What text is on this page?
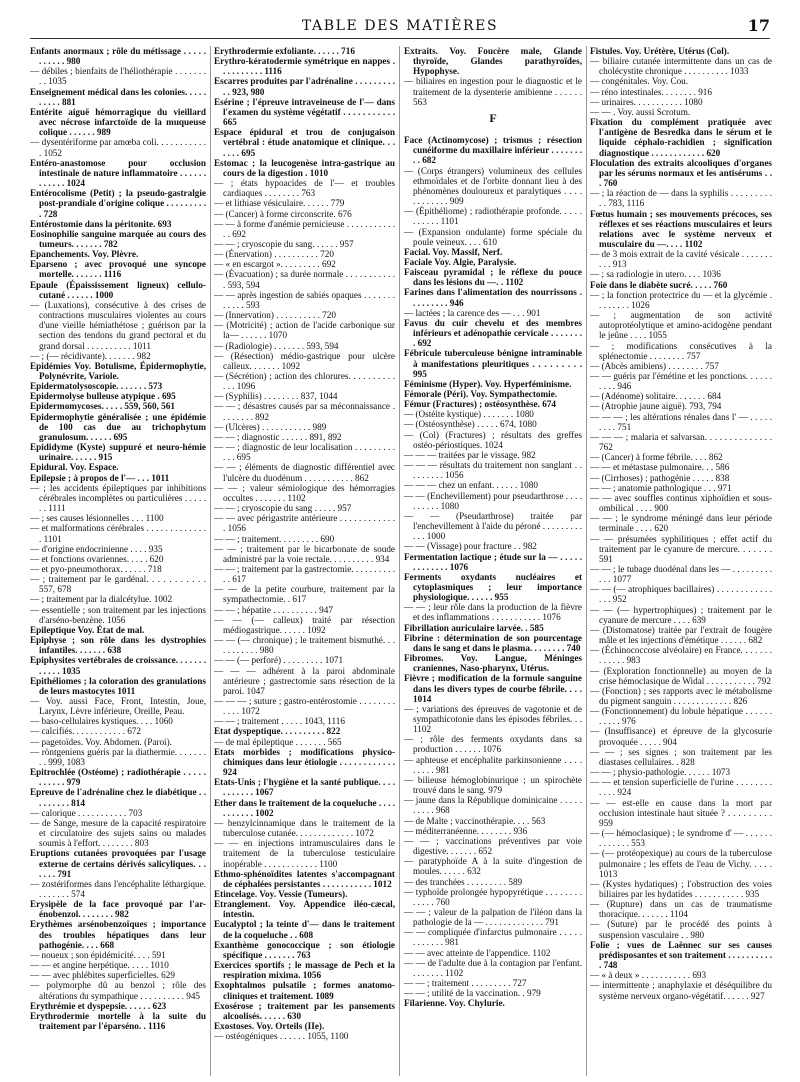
TABLE DES MATIÈRES	17

Enfants anormaux ; rôle du métissage . . . . . . . . . . . 980

— débiles ; bienfaits de l'héliothérapie . . . . . . . . . 1035

Enseignement médical dans les colonies. . . . . . . . . . 881

Entérite aiguë hémorragique du vieillard avec nécrose infarctoïde de la muqueuse colique . . . . . . 989

— dysentériforme par amœba coli. . . . . . . . . . . . 1052

Entéro-anastomose pour occlusion intestinale de nature inflammatoire . . . . . . . . . . . . 1024

Entérocolisme (Petit) ; la pseudo-gastralgie post-prandiale d'origine colique . . . . . . . . . . 728

Entérostomie dans la péritonite. 693

Eosinophilie sanguine marquée au cours des tumeurs. . . . . . . 782

Epanchements. Voy. Plèvre.

Eparseno ; avec provoqué une syncope mortelle. . . . . . . 1116

Epaule (Épaississement ligneux) cellulo-cutané . . . . . . 1000

— (Luxations), consécutive à des crises de contractions musculaires violentes au cours d'une vieille hémiathétose ; guérison par la section des tendons du grand pectoral et du grand dorsal . . . . . . . . . . 1011

— ; (— récidivante). . . . . . . 982

Epidémies Voy. Botulisme, Épidermophytie, Polynévrite, Variole.

Epidermatolysoscopie. . . . . . . 573

Epidermolyse bulleuse atypique . 695

Epidermomycoses. . . . . 559, 560, 561

Epidermophytie généralisée ; une épidémie de 100 cas due au trichophytum granulosum. . . . . . 695

Epididyme (Kyste) suppuré et neuro-hémie urinaire. . . . . . 915

Epidural. Voy. Espace.

Epilepsie ; à propos de l'— . . . 1011

— ; les accidents épileptiques par inhibitions cérébrales incomplètes ou particulières . . . . . . . 1111

— ; ses causes lésionnelles . . . 1100

— et malformations cérébrales . . . . . . . . . . . . . . 1101

— d'origine endocrinienne . . . . 935

— et fonctions ovariennes. . . . . 620

— et pyo-pneumothorax. . . . . . 718

— ; traitement par le gardénal. . . . . . . . . . . 557, 678

— ; traitement par la dialcétylue. 1002

— essentielle ; son traitement par les injections d'arséno-benzène. 1056

Epileptique Voy. État de mal.

Epiphyse ; son rôle dans les dystrophies infantiles. . . . . . . 638

Epiphysites vertébrales de croissance. . . . . . . . . . . . 1035

Epithéliomes ; la coloration des granulations de leurs mastocytes 1011

— Voy. aussi Face, Front, Intestin, Joue, Larynx, Lèvre inférieure, Oreille, Peau.

— baso-cellulaires kystiques. . . . 1060

— calcifiés. . . . . . . . . . . . 672

— pagetoïdes. Voy. Abdomen. (Paroi).

— röntgeniens guéris par la diathermie. . . . . . . . . 999, 1083

Epitrochlée (Ostéome) ; radiothérapie . . . . . . . . . . . 979

Epreuve de l'adrénaline chez le diabétique . . . . . . . . . 814

— calorique . . . . . . . . . . . 703

— de Sange, mesure de la capacité respiratoire et circulatoire des sujets sains ou malades soumis à l'effort. . . . . . . . 803

Eruptions cutanées provoquées par l'usage externe de certains dérivés salicyliques. . . . . . . 791

— zostériformes dans l'encéphalite léthargique. . . . . . . . 574

Erysipèle de la face provoqué par l'ar-énobenzol. . . . . . . . 982

Erythèmes arsénobenzoïques ; importance des troubles hépatiques dans leur pathogénie. . . . 668

— noueux ; son épidémicité. . . . 591

— — et angine herpétique. . . . . 1010

— — avec phlébites superficielles. 629

— polymorphe dû au benzol ; rôle des altérations du sympathique . . . . . . . . . . 945

Erythrémie et dyspepsie. . . . . . 623

Erythrodermie mortelle à la suite du traitement par l'éparséno. . 1116

Erythrodermie exfoliante. . . . . . 716

Erythro-kératodermie symétrique en nappes . . . . . . . . . . 1116

Escarres produites par l'adrénaline . . . . . . . . . . . 923, 980

Esérine ; l'épreuve intraveineuse de l'— dans l'examen du système végétatif . . . . . . . . . . . 665

Espace épidural et trou de conjugaison vertébral : étude anatomique et clinique. . . . . . . 695

Estomac ; la leucogenèse intra-gastrique au cours de la digestion . 1010

— ; états hypoacides de l'— et troubles cardiaques . . . . . . . . 763

— et lithiase vésiculaire. . . . . . 779

— (Cancer) à forme circonscrite. 676

— — à forme d'anémie pernicieuse . . . . . . . . . . . . . 692

— — ; cryoscopie du sang. . . . . . 957

— (Énervation) . . . . . . . . . . 720

— « en escargot ». . . . . . . . . 692

— (Évacuation) ; sa durée normale . . . . . . . . . . . . 593, 594

— — après ingestion de sabiés opaques . . . . . . . . . . . . 593

— (Innervation) . . . . . . . . . . 720

— (Motricité) ; action de l'acide carbonique sur la— . . . . . . 1070

— (Radiologie) . . . . . . . 593, 594

— (Résection) médio-gastrique pour ulcère calleux. . . . . . . 1092

— (Sécrétion) ; action des chlorures. . . . . . . . . . . . . 1096

— (Syphilis) . . . . . . . . 837, 1044

— — ; désastres causés par sa méconnaissance . . . . . . . . 892

— (Ulcères) . . . . . . . . . . . 989

— — ; diagnostic . . . . . . 891, 892

— — ; diagnostic de leur localisation . . . . . . . . . . . . 695

— — ; éléments de diagnostic différentiel avec l'ulcère du duodénum . . . . . . . . . . . 862

— — ; valeur sémiologique des hémorragies occultes . . . . . . . 1102

— — ; cryoscopie du sang . . . . . 957

— — avec périgastrite antérieure . . . . . . . . . . . . . 1056

— — ; traitement. . . . . . . . . 690

— — ; traitement par le bicarbonate de soude administré par la voie rectale. . . . . . . . . . 934

— — ; traitement par la gastrectomie. . . . . . . . . . . . 617

— — de la petite courbure, traitement par la sympathectomie. . 617

— — ; hépatite . . . . . . . . . . 947

— — (— calleux) traité par résection médiogastrique. . . . . . 1092

— — (— chronique) ; le traitement bismuthé. . . . . . . . . . . 980

— — (— perforé) . . . . . . . . . 1071

— — — adhérent à la paroi abdominale antérieure ; gastrectomie sans résection de la paroi. 1047

— — — ; suture ; gastro-entérostomie . . . . . . . . . . . . 1072

— — ; traitement . . . . . 1043, 1116

Etat dyspeptique. . . . . . . . . . 822

— de mal épileptique . . . . . . . 565

Etats morbides ; modifications physico-chimiques dans leur étiologie . . . . . . . . . . . . 924

Etats-Unis ; l'hygiène et la santé publique. . . . . . . . . . . 1067

Ether dans le traitement de la coqueluche . . . . . . . . . . . 1002

— benzylcinnamique dans le traitement de la tuberculose cutanée. . . . . . . . . . . . . 1072

— — en injections intramusculaires dans le traitement de la tuberculose testiculaire inopérable . . . . . . . . . . . . 1100

Ethmo-sphénoïdites latentes s'accompagnant de céphalées persistantes . . . . . . . . . . . 1012

Etincelage. Voy. Vessie (Tumeurs).

Etranglement. Voy. Appendice iléo-cæcal, intestin.

Eucalyptol ; la teinte d'— dans le traitement de la coqueluche . . 608

Exanthème gonococcique ; son étiologie spécifique . . . . . . . 763

Exercices sportifs ; le massage de Pech et la respiration mixima. 1056

Exophtalmos pulsatile ; formes anatomo-cliniques et traitement. 1089

Exosérose ; traitement par les pansements alcoolisés. . . . . . 630

Exostoses. Voy. Orteils (IIe).

— ostéogéniques . . . . . . 1055, 1100

Extraits. Voy. Foucère male, Glande thyroïde, Glandes parathyroïdes, Hypophyse.

— biliaires en ingestion pour le diagnostic et le traitement de la dysenterie amibienne . . . . . . 563

F

Face (Actinomycose) ; trismus ; résection cunéiforme du maxillaire inférieur . . . . . . . . . 682

— (Corps étrangers) volumineux des cellules ethmoïdales et de l'orbite donnant lieu à des phénomènes douloureux et paralytiques . . . . . . . . . . . . 909

— (Épithéliome) ; radiothérapie profonde. . . . . . . . . . . 1101

— (Expansion ondulante) forme spéciale du poule veineux. . . . 610

Facial. Voy. Massif, Nerf.

Faciale Voy. Algie, Paralysie.

Faisceau pyramidal ; le réflexe du pouce dans les lésions du —. . 1102

Farines dans l'alimentation des nourrissons . . . . . . . . . 946

— lactées ; la carence des — . . . 901

Favus du cuir chevelu et des membres inférieurs et adénopathie cervicale . . . . . . . . 692

Fébricule tuberculeuse bénigne intraminable à manifestations pleuritiques . . . . . . . . . 995

Féminisme (Hyper). Voy. Hyperféminisme.

Fémorale (Péri). Voy. Sympathectomie.

Fémur (Fractures) ; ostéosynthèse. 674

— (Ostéite kystique) . . . . . . . 1080

— (Ostéosynthèse) . . . . . 674, 1080

— (Col) (Fractures) ; résultats des greffes ostéo-périostiques. 1024

— — — traitées par le vissage. 982

— — — résultats du traitement non sanglant . . . . . . . . . 1056

— — — chez un enfant. . . . . . 1080

— — (Enchevillement) pour pseudarthrose . . . . . . . . . . 1080

— — (Pseudarthrose) traitée par l'enchevillement à l'aide du péroné . . . . . . . . . . . . 1000

— — (Vissage) pour fracture . . 982

Fermentation lactique ; étude sur la — . . . . . . . . . . . . . 1076

Ferments oxydants nucléaires et cytoplasmiques ; leur importance physiologique. . . . . . 955

— — ; leur rôle dans la production de la fièvre et des inflammations . . . . . . . . . . . 1076

Fibrillation auriculaire larvée. . 585

Fibrine : détermination de son pourcentage dans le sang et dans le plasma. . . . . . . . 740

Fibromes. Voy. Langue, Méninges craniennes, Naso-pharynx, Utérus.

Fièvre ; modification de la formule sanguine dans les divers types de courbe fébrile. . . . 1014

— ; variations des épreuves de vagotonie et de sympathicotonie dans les épisodes fébriles. . . 1102

— ; rôle des ferments oxydants dans sa production . . . . . . 1076

— aphteuse et encéphalite parkinsonienne . . . . . . . . . 981

— bilieuse hémoglobinurique ; un spirochète trouvé dans le sang. 979

— jaune dans la République dominicaine . . . . . . . . . . 968

— de Malte ; vaccinothérapie. . . . 563

— méditerranéenne. . . . . . . . 936

— — ; vaccinations préventives par voie digestive. . . . . . . 652

— paratyphoïde A à la suite d'ingestion de moules. . . . . . 632

— des tranchées . . . . . . . . . 589

— typhoïde prolongée hypopyrétique . . . . . . . . . . . . . 760

— — ; valeur de la palpation de l'iléon dans la pathologie de la — . . . . . . . . . . . . . 791

— — compliquée d'infarctus pulmonaire . . . . . . . . . . . . 981

— — avec atteinte de l'appendice. 1102

— — de l'adulte due à la contagion par l'enfant. . . . . . . . 1102

— — ; traitement . . . . . . . . . 727

— — ; utilité de la vaccination. . 979

Filarienne. Voy. Chylurie.

Fistules. Voy. Urétère, Utérus (Col).

— biliaire cutanée intermittente dans un cas de cholécystite chronique . . . . . . . . . . 1033

— congénitales. Voy. Cou.

— réno intestinales. . . . . . . . 916

— urinaires. . . . . . . . . . . 1080

— — . Voy. aussi Scrotum.

Fixation du complément pratiquée avec l'antigène de Besredka dans le sérum et le liquide céphalo-rachidien ; signification diagnostique . . . . . . . . . . . . 620

Floculation des extraits alcooliques d'organes par les sérums normaux et les antisérums . . . 760

— ; la réaction de — dans la syphilis . . . . . . . . . . . 783, 1116

Fœtus humain ; ses mouvements précoces, ses réflexes et ses réactions musculaires et leurs relations avec le système nerveux et musculaire du —. . . . 1102

— de 3 mois extrait de la cavité vésicale . . . . . . . . . . 913

— ; sa radiologie in utero. . . . 1036

Foie dans le diabète sucré. . . . . 760

— ; la fonction protectrice du — et la glycémie . . . . . . . . 1026

— ; augmentation de son activité autoprotéolytique et amino-acidogène pendant le jeûne . . . . 1055

— ; modifications consécutives à la splénectomie . . . . . . . . 757

— (Abcès amibiens) . . . . . . . . 757

— — guéris par l'émétine et les ponctions. . . . . . . . . . 946

— (Adénome) solitaire. . . . . . . 684

— (Atrophie jaune aiguë). 793, 794

— — — ; les altérations rénales dans l' — . . . . . . . . . 751

— — — ; malaria et salvarsan. . . . . . . . . . . . . . 762

— (Cancer) à forme fébrile. . . . 862

— — et métastase pulmonaire. . . 586

— (Cirrhoses) ; pathogénie . . . . . 838

— — ; anatomie pathologique . . . 971

— — avec souffles continus xiphoïdien et sous-ombilical . . . . 900

— — ; le syndrome méningé dans leur période terminale . . . . 620

— — présumées syphilitiques ; effet actif du traitement par le cyanure de mercure. . . . . . . 591

— — ; le tubage duodénal dans les — . . . . . . . . . . . . 1077

— — (— atrophiques bacillaires) . . . . . . . . . . . . . . . 952

— — (— hypertrophiques) ; traitement par le cyanure de mercure . . . . 639

— (Distomatose) traitée par l'extrait de fougère mâle et les injections d'émétique . . . . . . 682

— (Échinococcose alvéolaire) en France. . . . . . . . . . . . . 983

— (Exploration fonctionnelle) au moyen de la crise hémoclasique de Widal . . . . . . . . . . . 792

— (Fonction) ; ses rapports avec le métabolisme du pigment sanguin . . . . . . . . . . . . . 826

— (Fonctionnement) du lobule hépatique . . . . . . . . . . . 976

— (Insuffisance) et épreuve de la glycosurie provoquée . . . . . 904

— — ; ses signes ; son traitement par les diastases cellulaires. . 828

— — ; physio-pathologie. . . . . . 1073

— — et tension superficielle de l'urine . . . . . . . . . . . . 924

— — est-elle en cause dans la mort par occlusion intestinale haut située ? . . . . . . . . . 959

— (— hémoclasique) ; le syndrome d' — . . . . . . . . . . . . . 553

— (— protéopexique) au cours de la tuberculose pulmonaire ; les effets de l'eau de Vichy. . . . . 1013

— (Kystes hydatiques) ; l'obstruction des voies biliaires par les hydatides . . . . . . . . . . . 935

— (Rupture) dans un cas de traumatisme thoracique. . . . . . . 1104

— (Suture) par le procédé des points à suspension vasculaire . . 980

Folie ; vues de Laënnec sur ses causes prédisposantes et son traitement . . . . . . . . . . . 748

— « à deux » . . . . . . . . . . . 693

— intermittente ; anaphylaxie et déséquilibre du système nerveux organo-végétatif. . . . . . 927
